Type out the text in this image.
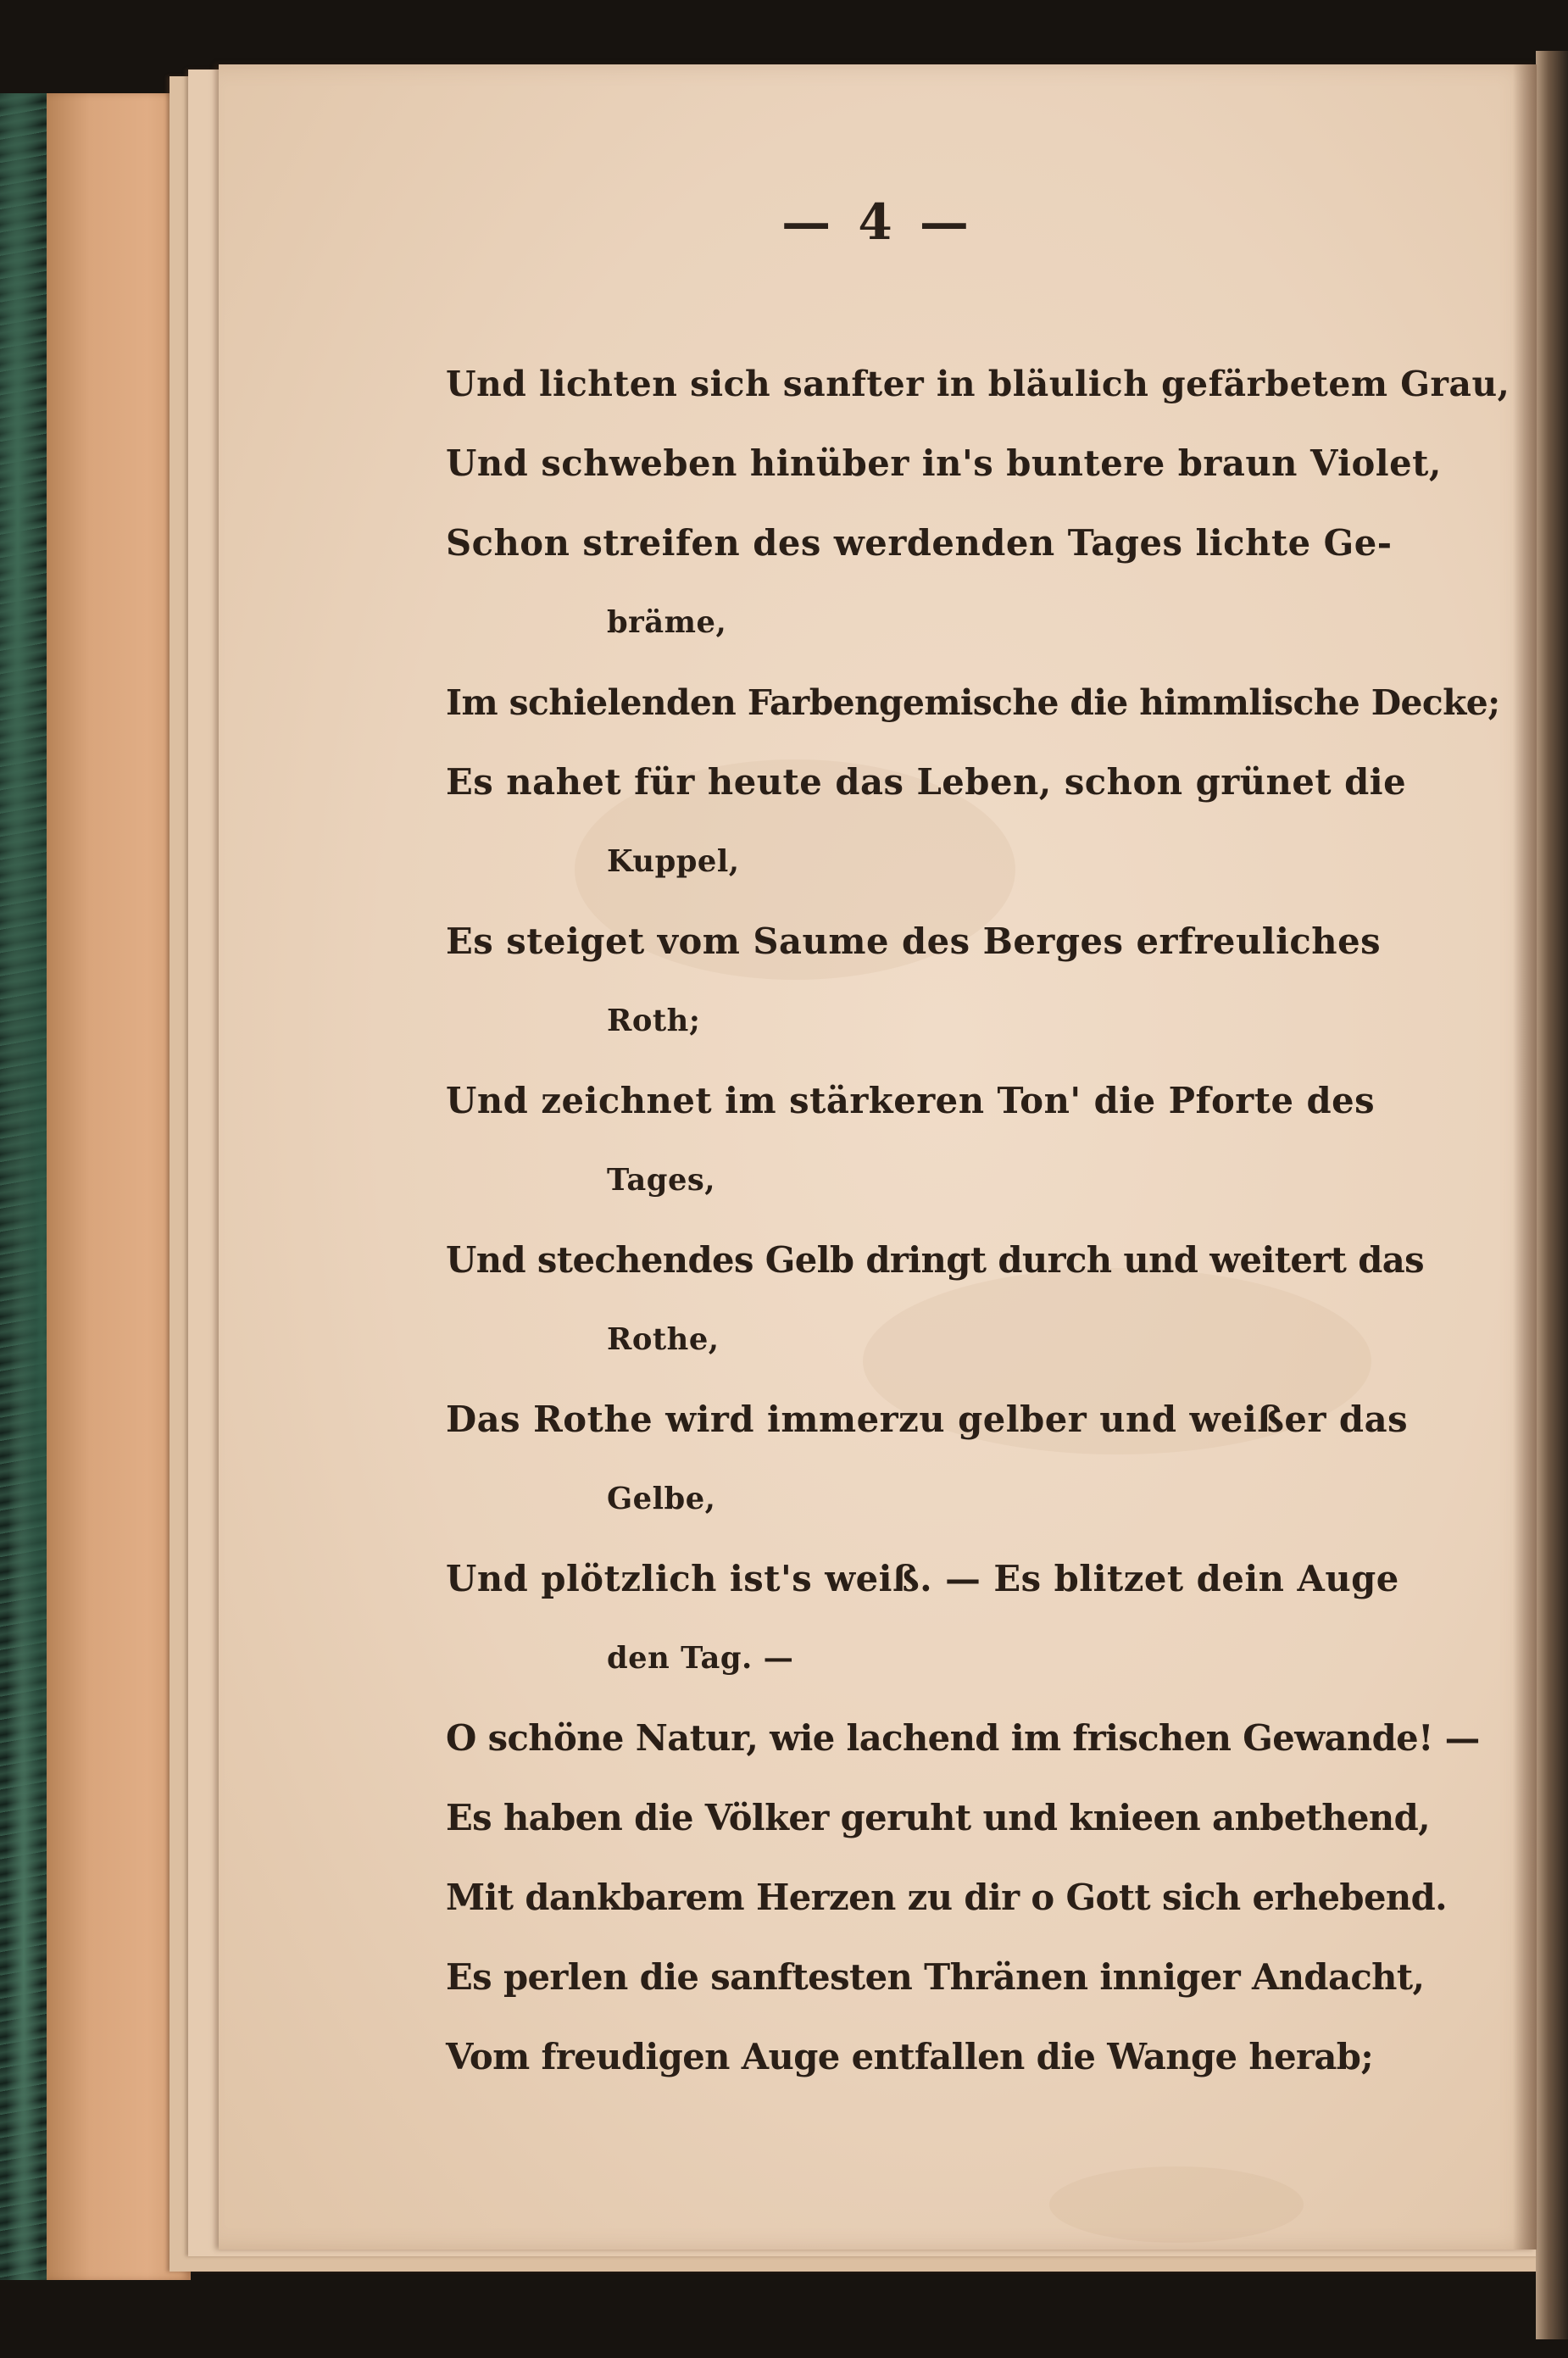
— 4 —
Und lichten sich sanfter in bläulich gefärbetem Grau,
Und schweben hinüber in's buntere braun Violet,
Schon streifen des werdenden Tages lichte Ge-
bräme,
Im schielenden Farbengemische die himmlische Decke;
Es nahet für heute das Leben, schon grünet die
Kuppel,
Es steiget vom Saume des Berges erfreuliches
Roth;
Und zeichnet im stärkeren Ton' die Pforte des
Tages,
Und stechendes Gelb dringt durch und weitert das
Rothe,
Das Rothe wird immerzu gelber und weißer das
Gelbe,
Und plötzlich ist's weiß. — Es blitzet dein Auge
den Tag. —
O schöne Natur, wie lachend im frischen Gewande! —
Es haben die Völker geruht und knieen anbethend,
Mit dankbarem Herzen zu dir o Gott sich erhebend.
Es perlen die sanftesten Thränen inniger Andacht,
Vom freudigen Auge entfallen die Wange herab;
